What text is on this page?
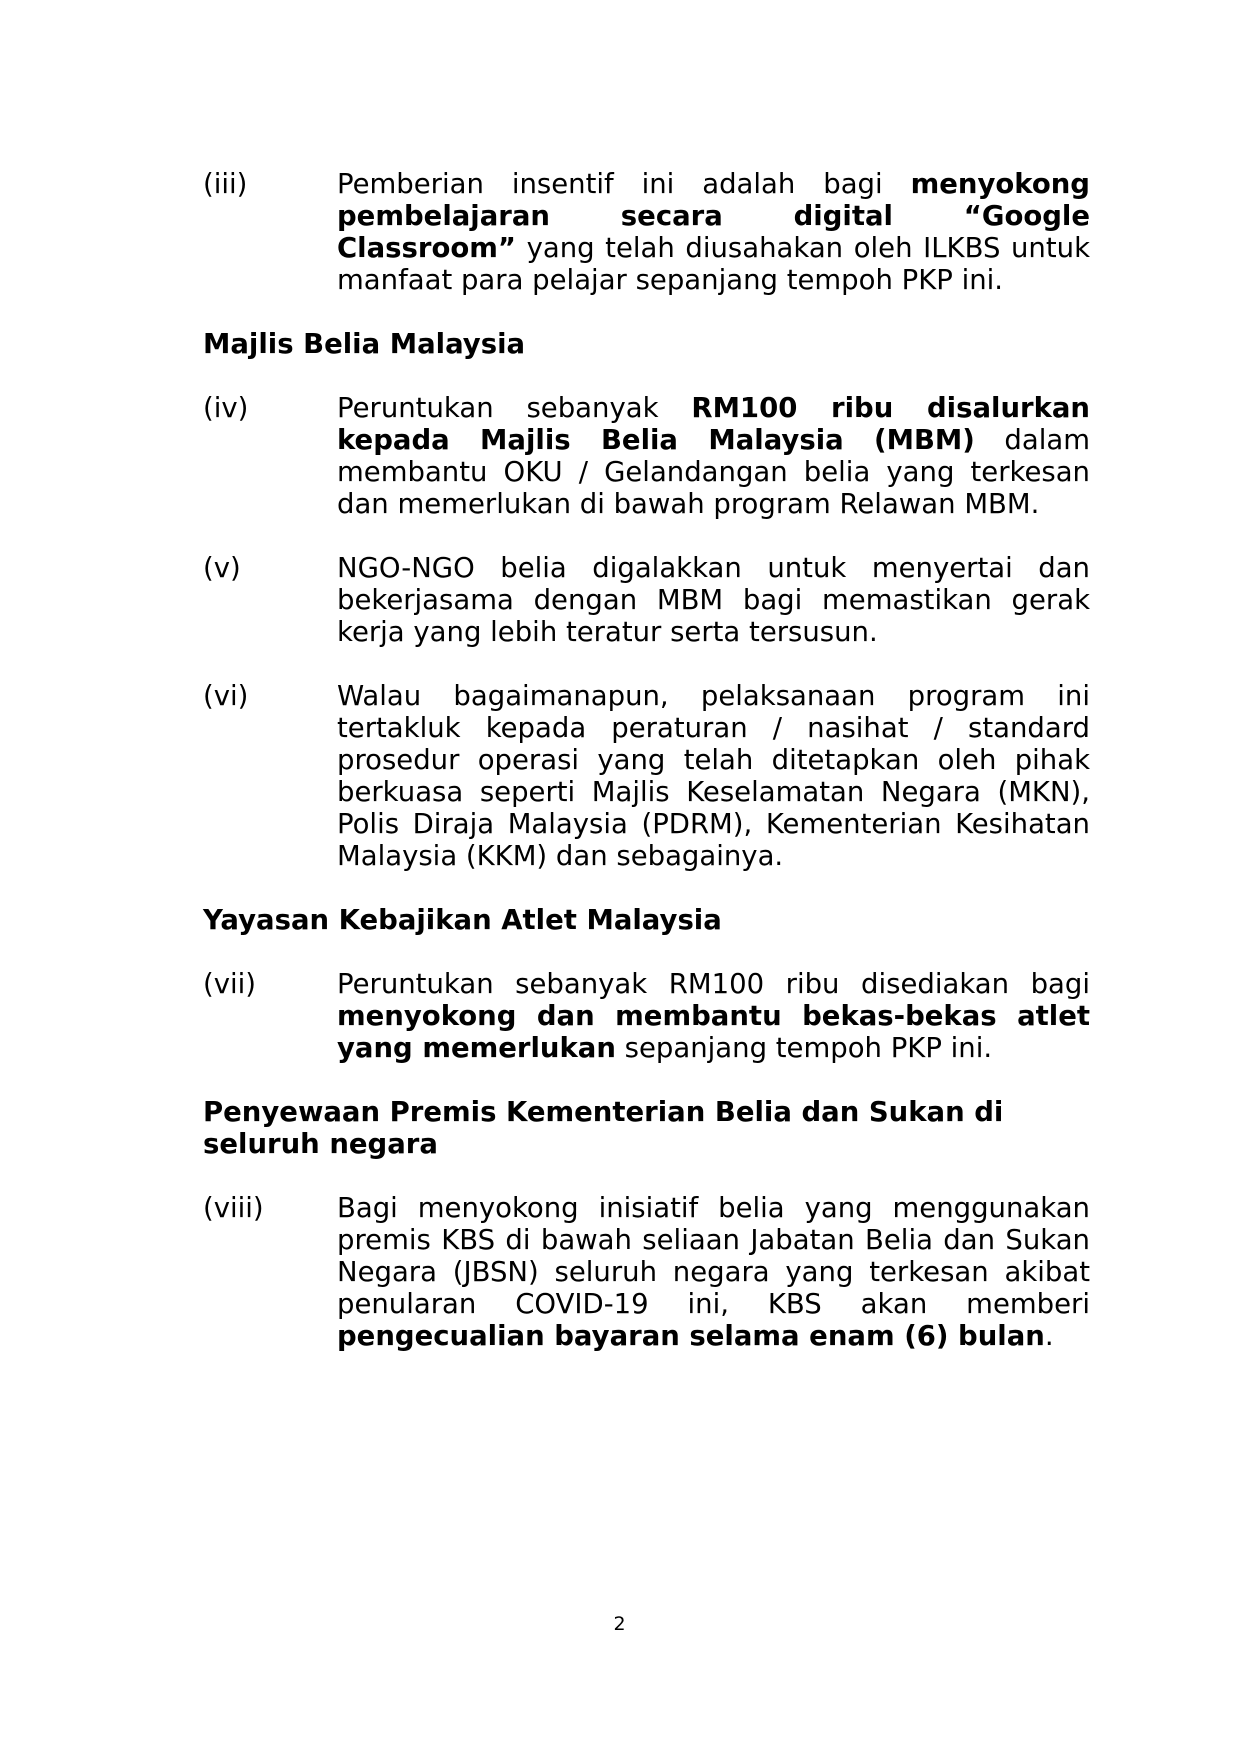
(iii)	Pemberian insentif ini adalah bagi menyokong pembelajaran secara digital “Google Classroom” yang telah diusahakan oleh ILKBS untuk manfaat para pelajar sepanjang tempoh PKP ini.
Majlis Belia Malaysia
(iv)	Peruntukan sebanyak RM100 ribu disalurkan kepada Majlis Belia Malaysia (MBM) dalam membantu OKU / Gelandangan belia yang terkesan dan memerlukan di bawah program Relawan MBM.
(v)	NGO-NGO belia digalakkan untuk menyertai dan bekerjasama dengan MBM bagi memastikan gerak kerja yang lebih teratur serta tersusun.
(vi)	Walau bagaimanapun, pelaksanaan program ini tertakluk kepada peraturan / nasihat / standard prosedur operasi yang telah ditetapkan oleh pihak berkuasa seperti Majlis Keselamatan Negara (MKN), Polis Diraja Malaysia (PDRM), Kementerian Kesihatan Malaysia (KKM) dan sebagainya.
Yayasan Kebajikan Atlet Malaysia
(vii)	Peruntukan sebanyak RM100 ribu disediakan bagi menyokong dan membantu bekas-bekas atlet yang memerlukan sepanjang tempoh PKP ini.
Penyewaan Premis Kementerian Belia dan Sukan di seluruh negara
(viii)	Bagi menyokong inisiatif belia yang menggunakan premis KBS di bawah seliaan Jabatan Belia dan Sukan Negara (JBSN) seluruh negara yang terkesan akibat penularan COVID-19 ini, KBS akan memberi pengecualian bayaran selama enam (6) bulan.
2
